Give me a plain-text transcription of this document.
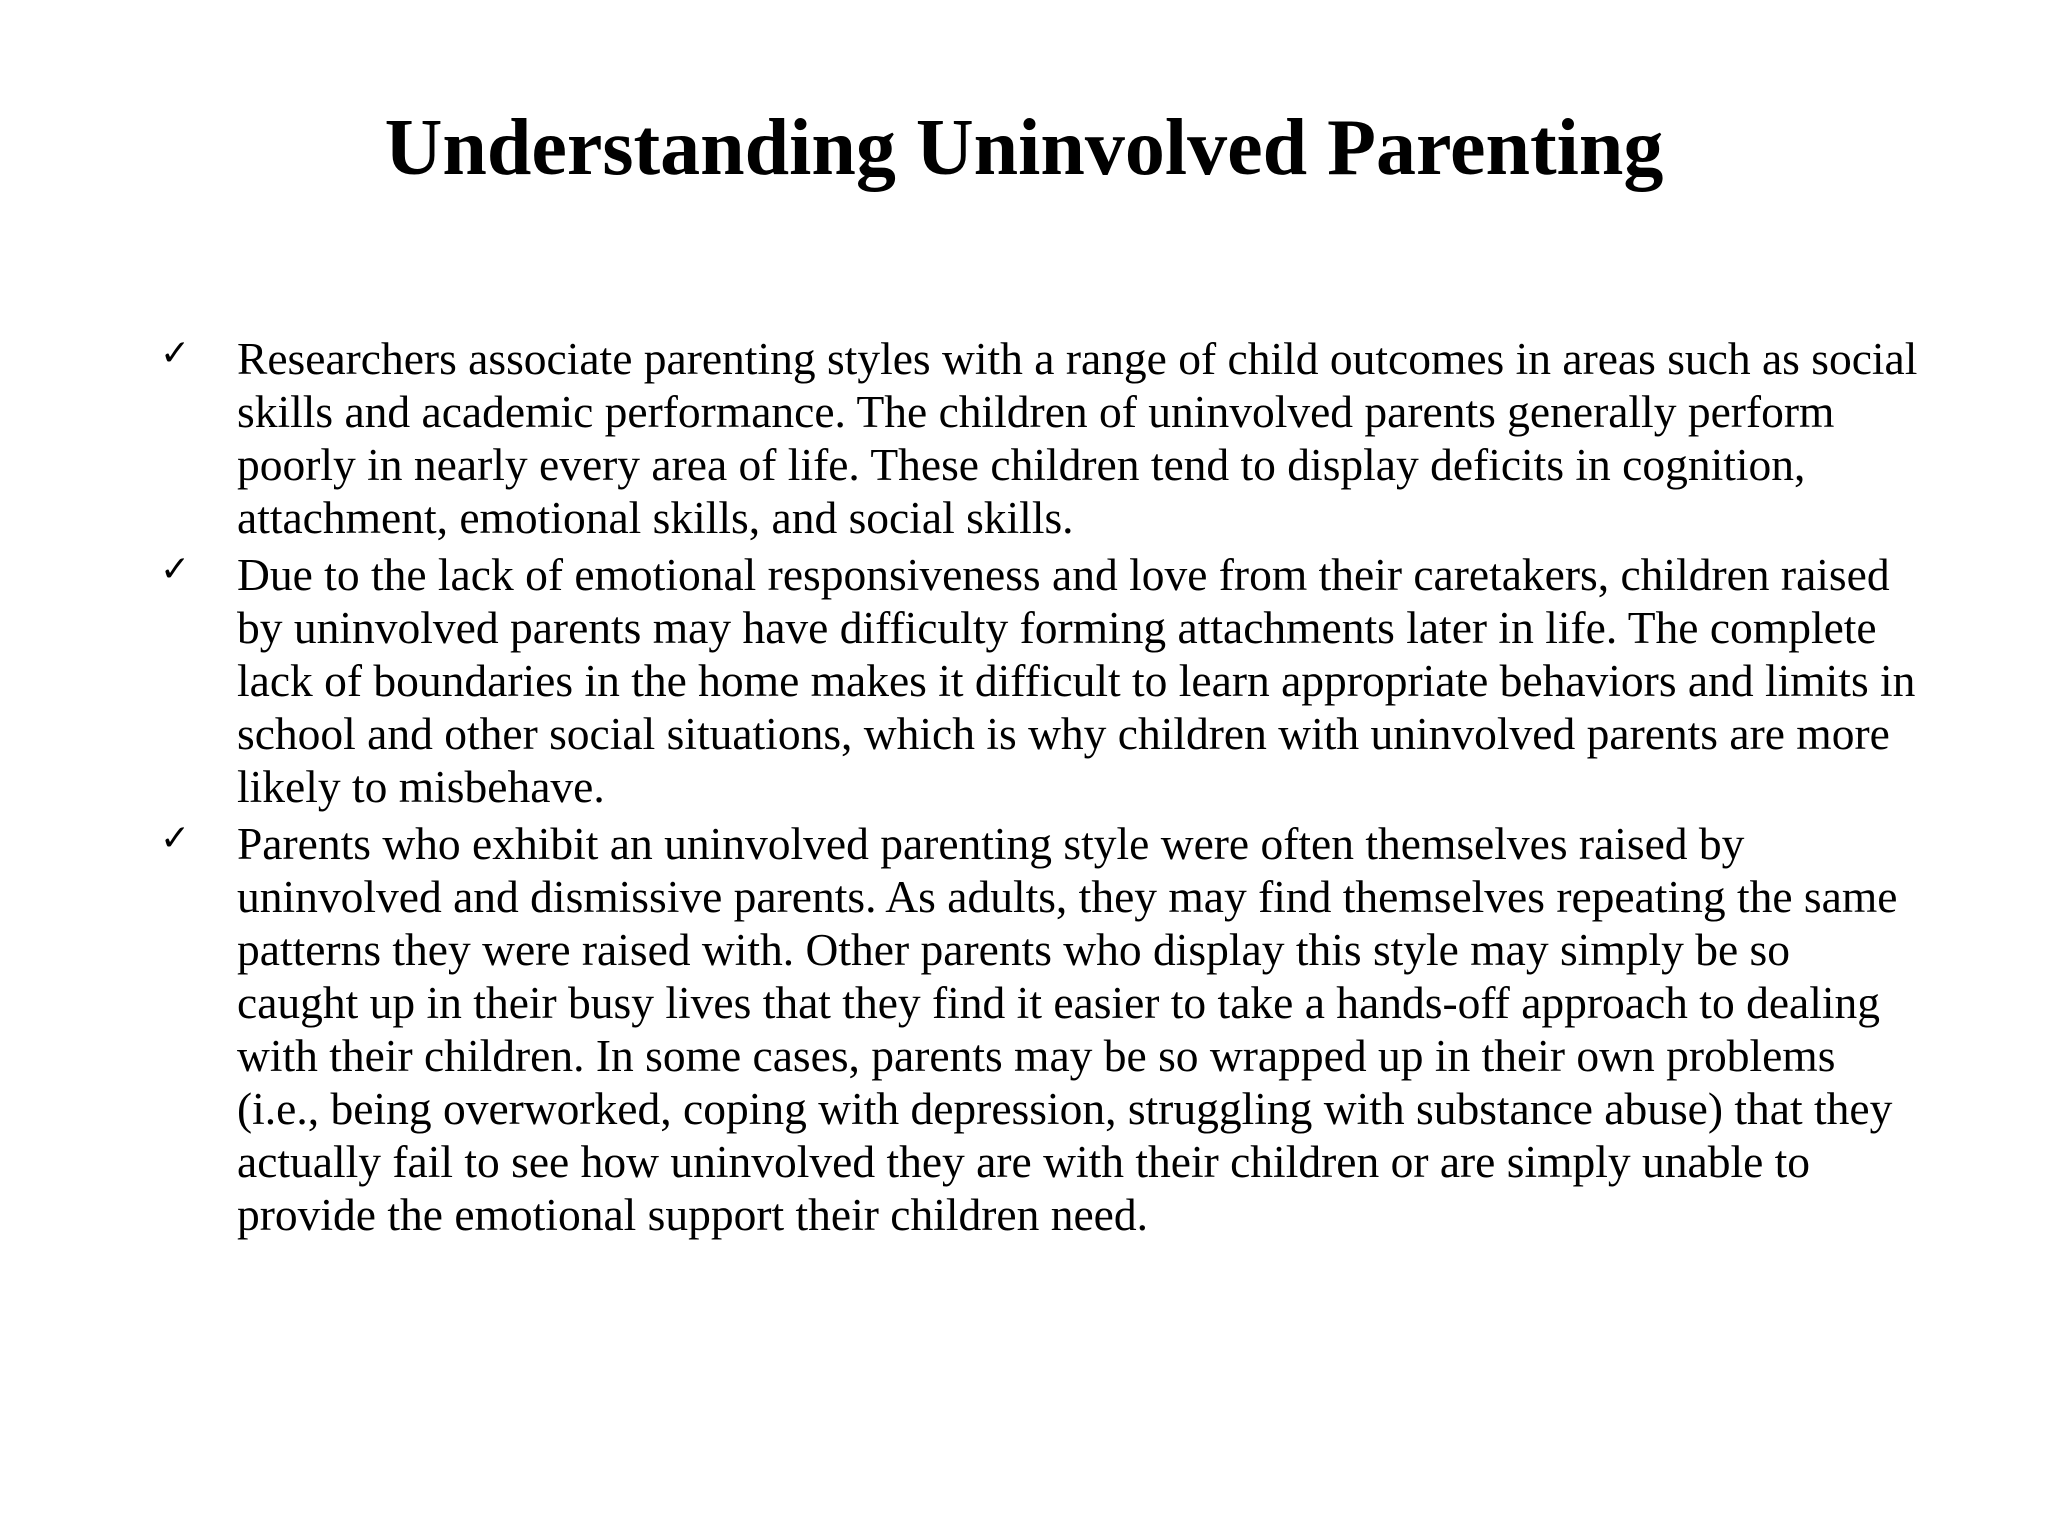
Understanding Uninvolved Parenting
✓ Researchers associate parenting styles with a range of child outcomes in areas such as social skills and academic performance. The children of uninvolved parents generally perform poorly in nearly every area of life. These children tend to display deficits in cognition, attachment, emotional skills, and social skills.
✓ Due to the lack of emotional responsiveness and love from their caretakers, children raised by uninvolved parents may have difficulty forming attachments later in life. The complete lack of boundaries in the home makes it difficult to learn appropriate behaviors and limits in school and other social situations, which is why children with uninvolved parents are more likely to misbehave.
✓ Parents who exhibit an uninvolved parenting style were often themselves raised by uninvolved and dismissive parents. As adults, they may find themselves repeating the same patterns they were raised with. Other parents who display this style may simply be so caught up in their busy lives that they find it easier to take a hands-off approach to dealing with their children. In some cases, parents may be so wrapped up in their own problems (i.e., being overworked, coping with depression, struggling with substance abuse) that they actually fail to see how uninvolved they are with their children or are simply unable to provide the emotional support their children need.
